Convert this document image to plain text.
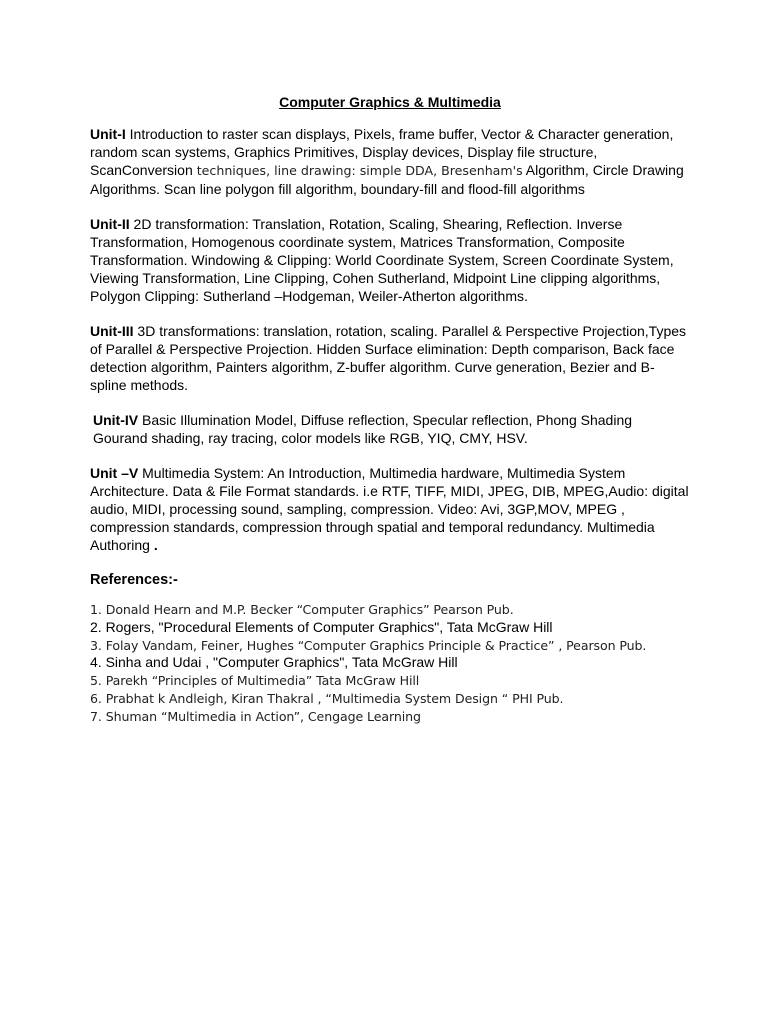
Computer Graphics & Multimedia

Unit-I Introduction to raster scan displays, Pixels, frame buffer, Vector & Character generation, random scan systems, Graphics Primitives, Display devices, Display file structure, ScanConversion techniques, line drawing: simple DDA, Bresenham's Algorithm, Circle Drawing Algorithms. Scan line polygon fill algorithm, boundary-fill and flood-fill algorithms

Unit-II 2D transformation: Translation, Rotation, Scaling, Shearing, Reflection. Inverse Transformation, Homogenous coordinate system, Matrices Transformation, Composite Transformation. Windowing & Clipping: World Coordinate System, Screen Coordinate System, Viewing Transformation, Line Clipping, Cohen Sutherland, Midpoint Line clipping algorithms, Polygon Clipping: Sutherland –Hodgeman, Weiler-Atherton algorithms.

Unit-III 3D transformations: translation, rotation, scaling. Parallel & Perspective Projection,Types of Parallel & Perspective Projection. Hidden Surface elimination: Depth comparison, Back face detection algorithm, Painters algorithm, Z-buffer algorithm. Curve generation, Bezier and B-spline methods.

Unit-IV Basic Illumination Model, Diffuse reflection, Specular reflection, Phong Shading Gourand shading, ray tracing, color models like RGB, YIQ, CMY, HSV.

Unit –V Multimedia System: An Introduction, Multimedia hardware, Multimedia System Architecture. Data & File Format standards. i.e RTF, TIFF, MIDI, JPEG, DIB, MPEG,Audio: digital audio, MIDI, processing sound, sampling, compression. Video: Avi, 3GP,MOV, MPEG , compression standards, compression through spatial and temporal redundancy. Multimedia Authoring .

References:-

1. Donald Hearn and M.P. Becker “Computer Graphics” Pearson Pub.

2. Rogers, "Procedural Elements of Computer Graphics", Tata McGraw Hill

3. Folay Vandam, Feiner, Hughes “Computer Graphics Principle & Practice” , Pearson Pub.

4. Sinha and Udai , "Computer Graphics", Tata McGraw Hill

5. Parekh “Principles of Multimedia” Tata McGraw Hill

6. Prabhat k Andleigh, Kiran Thakral , “Multimedia System Design “ PHI Pub.

7. Shuman “Multimedia in Action”, Cengage Learning
